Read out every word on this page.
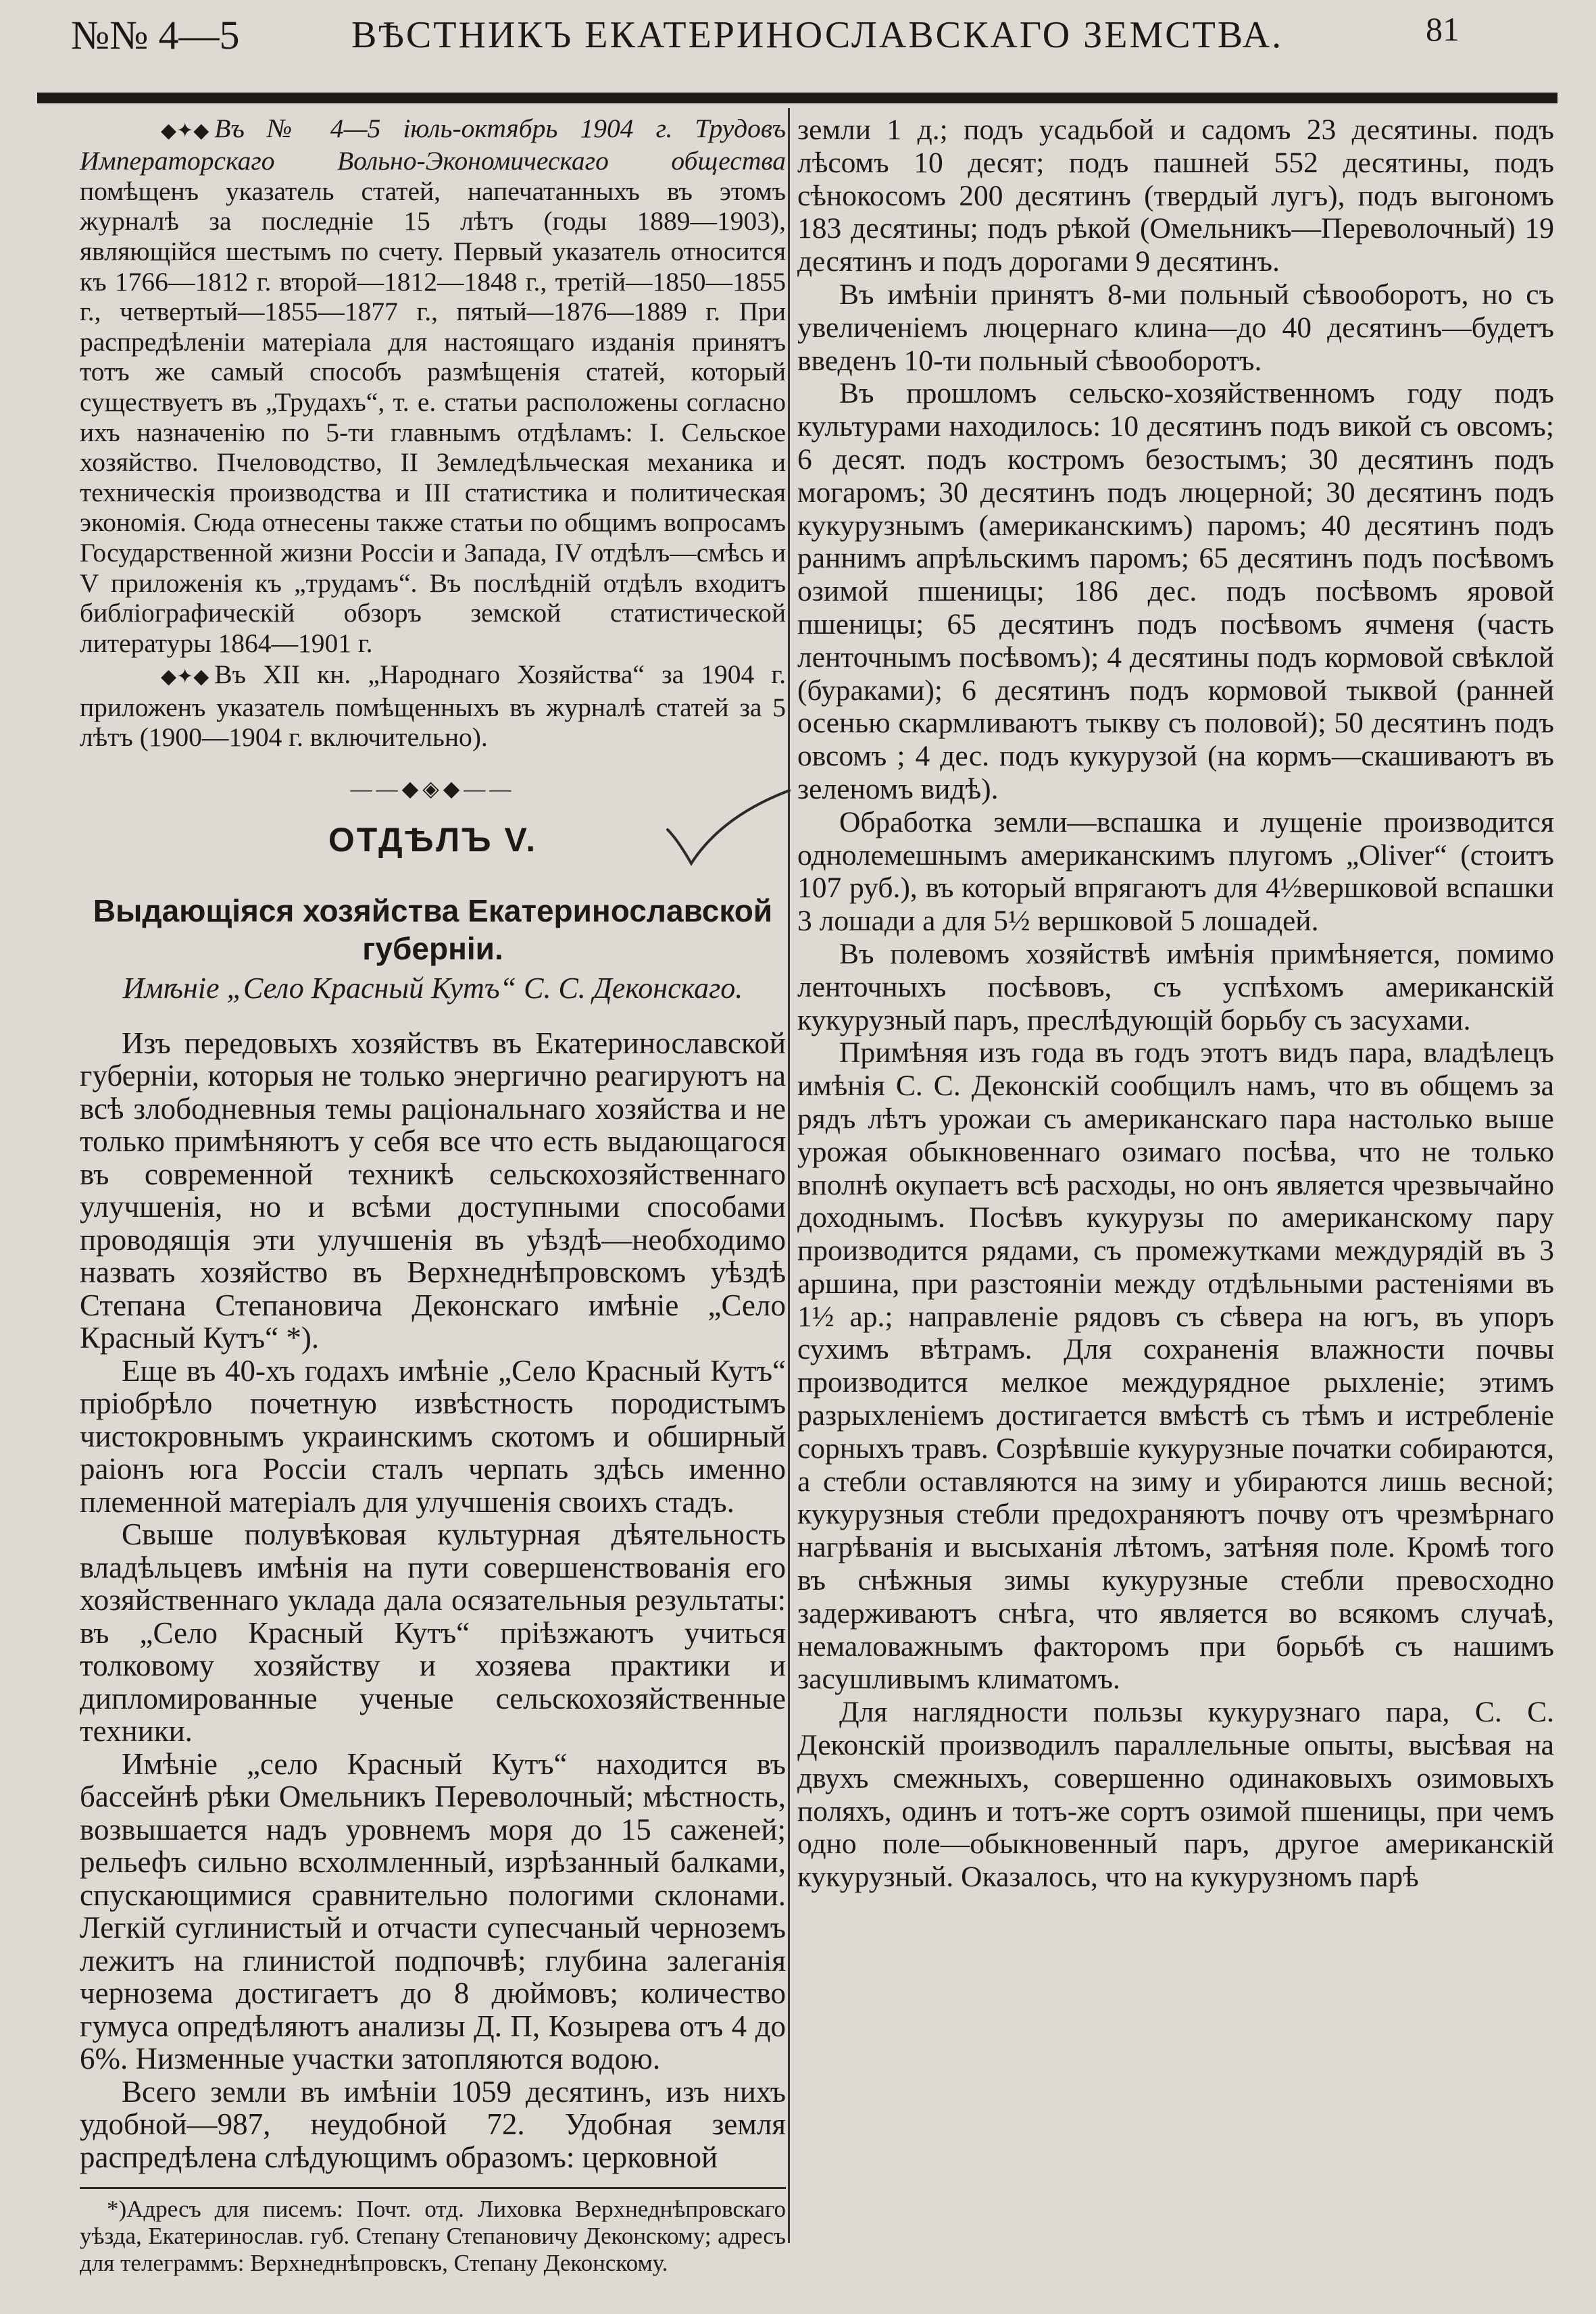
№№ 4—5	ВѢСТНИКЪ ЕКАТЕРИНОСЛАВСКАГО ЗЕМСТВА.	81

◆✦◆ Въ № 4—5 іюль-октябрь 1904 г. Трудовъ Императорскаго Вольно-Экономическаго общества помѣщенъ указатель статей, напечатанныхъ въ этомъ журналѣ за последніе 15 лѣтъ (годы 1889—1903), являющійся шестымъ по счету. Первый указатель относится къ 1766—1812 г. второй—1812—1848 г., третій—1850—1855 г., четвертый—1855—1877 г., пятый—1876—1889 г. При распредѣленіи матеріала для настоящаго изданія принятъ тотъ же самый способъ размѣщенія статей, который существуетъ въ „Трудахъ“, т. е. статьи расположены согласно ихъ назначенію по 5-ти главнымъ отдѣламъ: I. Сельское хозяйство. Пчеловодство, II Земледѣльческая механика и техническія производства и III статистика и политическая экономія. Сюда отнесены также статьи по общимъ вопросамъ Государственной жизни Россіи и Запада, IV отдѣлъ—смѣсь и V приложенія къ „трудамъ“. Въ послѣдній отдѣлъ входитъ библіографическій обзоръ земской статистической литературы 1864—1901 г.

◆✦◆ Въ XII кн. „Народнаго Хозяйства“ за 1904 г. приложенъ указатель помѣщенныхъ въ журналѣ статей за 5 лѣтъ (1900—1904 г. включительно).

——◆◈◆——
ОТДѢЛЪ V.
Выдающіяся хозяйства Екатеринославской губерніи.
Имѣніе „Село Красный Кутъ“ С. С. Деконскаго.

Изъ передовыхъ хозяйствъ въ Екатеринославской губерніи, которыя не только энергично реагируютъ на всѣ злободневныя темы раціональнаго хозяйства и не только примѣняютъ у себя все что есть выдающагося въ современной техникѣ сельскохозяйственнаго улучшенія, но и всѣми доступными способами проводящія эти улучшенія въ уѣздѣ—необходимо назвать хозяйство въ Верхнеднѣпровскомъ уѣздѣ Степана Степановича Деконскаго имѣніе „Село Красный Кутъ“ *).

Еще въ 40-хъ годахъ имѣніе „Село Красный Кутъ“ пріобрѣло почетную извѣстность породистымъ чистокровнымъ украинскимъ скотомъ и обширный раіонъ юга Россіи сталъ черпать здѣсь именно племенной матеріалъ для улучшенія своихъ стадъ.

Свыше полувѣковая культурная дѣятельность владѣльцевъ имѣнія на пути совершенствованія его хозяйственнаго уклада дала осязательныя результаты: въ „Село Красный Кутъ“ пріѣзжаютъ учиться толковому хозяйству и хозяева практики и дипломированные ученые сельскохозяйственные техники.

Имѣніе „село Красный Кутъ“ находится въ бассейнѣ рѣки Омельникъ Переволочный; мѣстность, возвышается надъ уровнемъ моря до 15 саженей; рельефъ сильно всхолмленный, изрѣзанный балками, спускающимися сравнительно пологими склонами. Легкій суглинистый и отчасти супесчаный черноземъ лежитъ на глинистой подпочвѣ; глубина залеганія чернозема достигаетъ до 8 дюймовъ; количество гумуса опредѣляютъ анализы Д. П, Козырева отъ 4 до 6%. Низменные участки затопляются водою.

Всего земли въ имѣніи 1059 десятинъ, изъ нихъ удобной—987, неудобной 72. Удобная земля распредѣлена слѣдующимъ образомъ: церковной

*)Адресъ для писемъ: Почт. отд. Лиховка Верхнеднѣпровскаго уѣзда, Екатеринослав. губ. Степану Степановичу Деконскому; адресъ для телеграммъ: Верхнеднѣпровскъ, Степану Деконскому.

земли 1 д.; подъ усадьбой и садомъ 23 десятины. подъ лѣсомъ 10 десят; подъ пашней 552 десятины, подъ сѣнокосомъ 200 десятинъ (твердый лугъ), подъ выгономъ 183 десятины; подъ рѣкой (Омельникъ—Переволочный) 19 десятинъ и подъ дорогами 9 десятинъ.

Въ имѣніи принятъ 8-ми польный сѣвооборотъ, но съ увеличеніемъ люцернаго клина—до 40 десятинъ—будетъ введенъ 10-ти польный сѣвооборотъ.

Въ прошломъ сельско-хозяйственномъ году подъ культурами находилось: 10 десятинъ подъ викой съ овсомъ; 6 десят. подъ костромъ безостымъ; 30 десятинъ подъ могаромъ; 30 десятинъ подъ люцерной; 30 десятинъ подъ кукурузнымъ (американскимъ) паромъ; 40 десятинъ подъ раннимъ апрѣльскимъ паромъ; 65 десятинъ подъ посѣвомъ озимой пшеницы; 186 дес. подъ посѣвомъ яровой пшеницы; 65 десятинъ подъ посѣвомъ ячменя (часть ленточнымъ посѣвомъ); 4 десятины подъ кормовой свѣклой (бураками); 6 десятинъ подъ кормовой тыквой (ранней осенью скармливаютъ тыкву съ половой); 50 десятинъ подъ овсомъ ; 4 дес. подъ кукурузой (на кормъ—скашиваютъ въ зеленомъ видѣ).

Обработка земли—вспашка и лущеніе производится однолемешнымъ американскимъ плугомъ „Oliver“ (стоитъ 107 руб.), въ который впрягаютъ для 4½вершковой вспашки 3 лошади а для 5½ вершковой 5 лошадей.

Въ полевомъ хозяйствѣ имѣнія примѣняется, помимо ленточныхъ посѣвовъ, съ успѣхомъ американскій кукурузный паръ, преслѣдующій борьбу съ засухами.

Примѣняя изъ года въ годъ этотъ видъ пара, владѣлецъ имѣнія С. С. Деконскій сообщилъ намъ, что въ общемъ за рядъ лѣтъ урожаи съ американскаго пара настолько выше урожая обыкновеннаго озимаго посѣва, что не только вполнѣ окупаетъ всѣ расходы, но онъ является чрезвычайно доходнымъ. Посѣвъ кукурузы по американскому пару производится рядами, съ промежутками междурядій въ 3 аршина, при разстояніи между отдѣльными растеніями въ 1½ ар.; направленіе рядовъ съ сѣвера на югъ, въ упоръ сухимъ вѣтрамъ. Для сохраненія влажности почвы производится мелкое междурядное рыхленіе; этимъ разрыхленіемъ достигается вмѣстѣ съ тѣмъ и истребленіе сорныхъ травъ. Созрѣвшіе кукурузные початки собираются, а стебли оставляются на зиму и убираются лишь весной; кукурузныя стебли предохраняютъ почву отъ чрезмѣрнаго нагрѣванія и высыханія лѣтомъ, затѣняя поле. Кромѣ того въ снѣжныя зимы кукурузные стебли превосходно задерживаютъ снѣга, что является во всякомъ случаѣ, немаловажнымъ факторомъ при борьбѣ съ нашимъ засушливымъ климатомъ.

Для наглядности пользы кукурузнаго пара, С. С. Деконскій производилъ параллельные опыты, высѣвая на двухъ смежныхъ, совершенно одинаковыхъ озимовыхъ поляхъ, одинъ и тотъ-же сортъ озимой пшеницы, при чемъ одно поле—обыкновенный паръ, другое американскій кукурузный. Оказалось, что на кукурузномъ парѣ
